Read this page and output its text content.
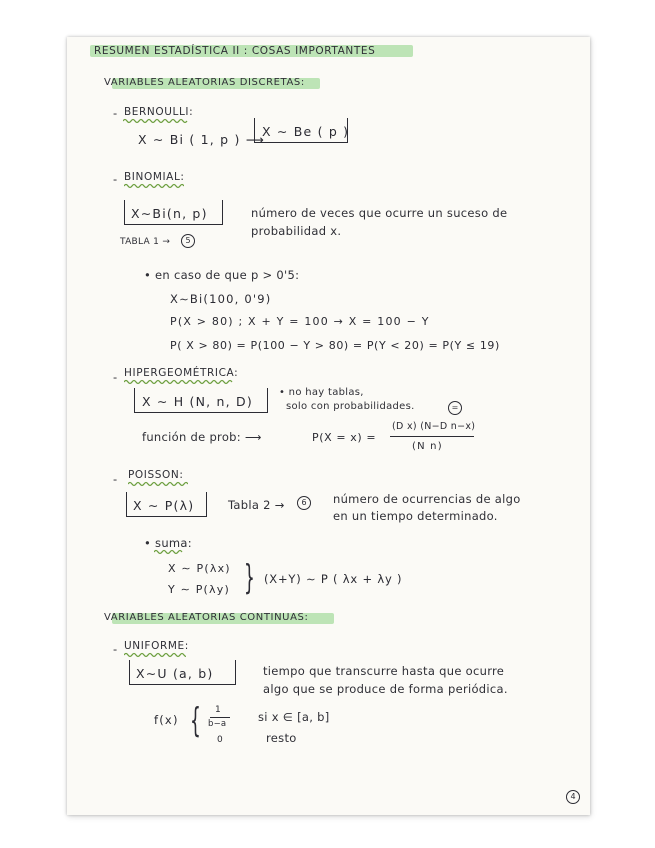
RESUMEN ESTADÍSTICA II : COSAS IMPORTANTES
VARIABLES ALEATORIAS DISCRETAS:
- BERNOULLI:
X ∼ Bi ( 1, p ) ⟶
X ∼ Be ( p )
- BINOMIAL:
X∼Bi(n, p)	número de veces que ocurre un suceso de
probabilidad x.
TABLA 1 →	5
• en caso de que p > 0'5:
X∼Bi(100, 0'9)
P(X > 80) ; X + Y = 100 → X = 100 − Y
P( X > 80) = P(100 − Y > 80) = P(Y < 20) = P(Y ≤ 19)
- HIPERGEOMÉTRICA:
X ∼ H (N, n, D)
• no hay tablas,
solo con probabilidades.	=
función de prob: ⟶	P(X = x) =
(D x) (N−D n−x)
(N n)
- POISSON:
X ∼ P(λ)	Tabla 2 →	6	número de ocurrencias de algo
en un tiempo determinado.
• suma:
X ∼ P(λx)
Y ∼ P(λy) } (X+Y) ∼ P ( λx + λy )
VARIABLES ALEATORIAS CONTINUAS:
- UNIFORME:
X∼U (a, b)	tiempo que transcurre hasta que ocurre
algo que se produce de forma periódica.
f(x) { 1
b−a	si x ∈ [a, b]
0	resto
4
